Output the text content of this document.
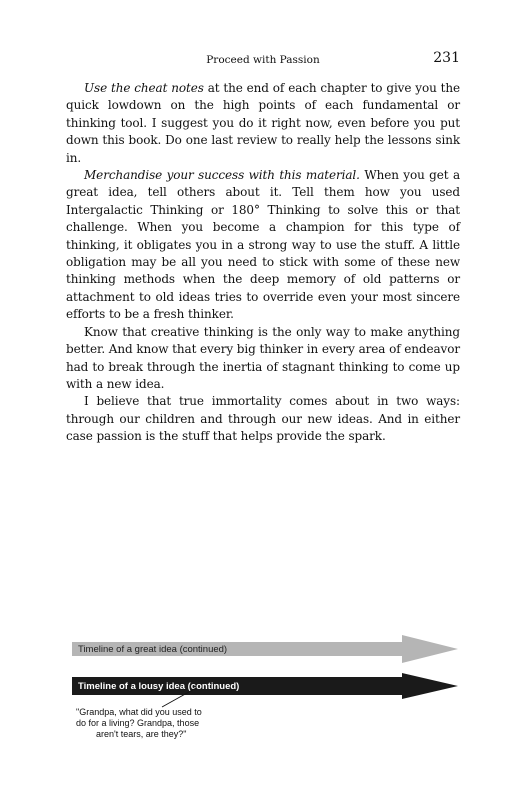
Proceed with Passion	231

Use the cheat notes at the end of each chapter to give you the quick lowdown on the high points of each fundamental or thinking tool. I suggest you do it right now, even before you put down this book. Do one last review to really help the lessons sink in.

Merchandise your success with this material. When you get a great idea, tell others about it. Tell them how you used Intergalactic Thinking or 180° Thinking to solve this or that challenge. When you become a champion for this type of thinking, it obligates you in a strong way to use the stuff. A little obligation may be all you need to stick with some of these new thinking methods when the deep memory of old patterns or attachment to old ideas tries to override even your most sincere efforts to be a fresh thinker.

Know that creative thinking is the only way to make anything better. And know that every big thinker in every area of endeavor had to break through the inertia of stagnant thinking to come up with a new idea.

I believe that true immortality comes about in two ways: through our children and through our new ideas. And in either case passion is the stuff that helps provide the spark.

Timeline of a great idea (continued)
Timeline of a lousy idea (continued)
"Grandpa, what did you used to
do for a living? Grandpa, those
aren't tears, are they?"
